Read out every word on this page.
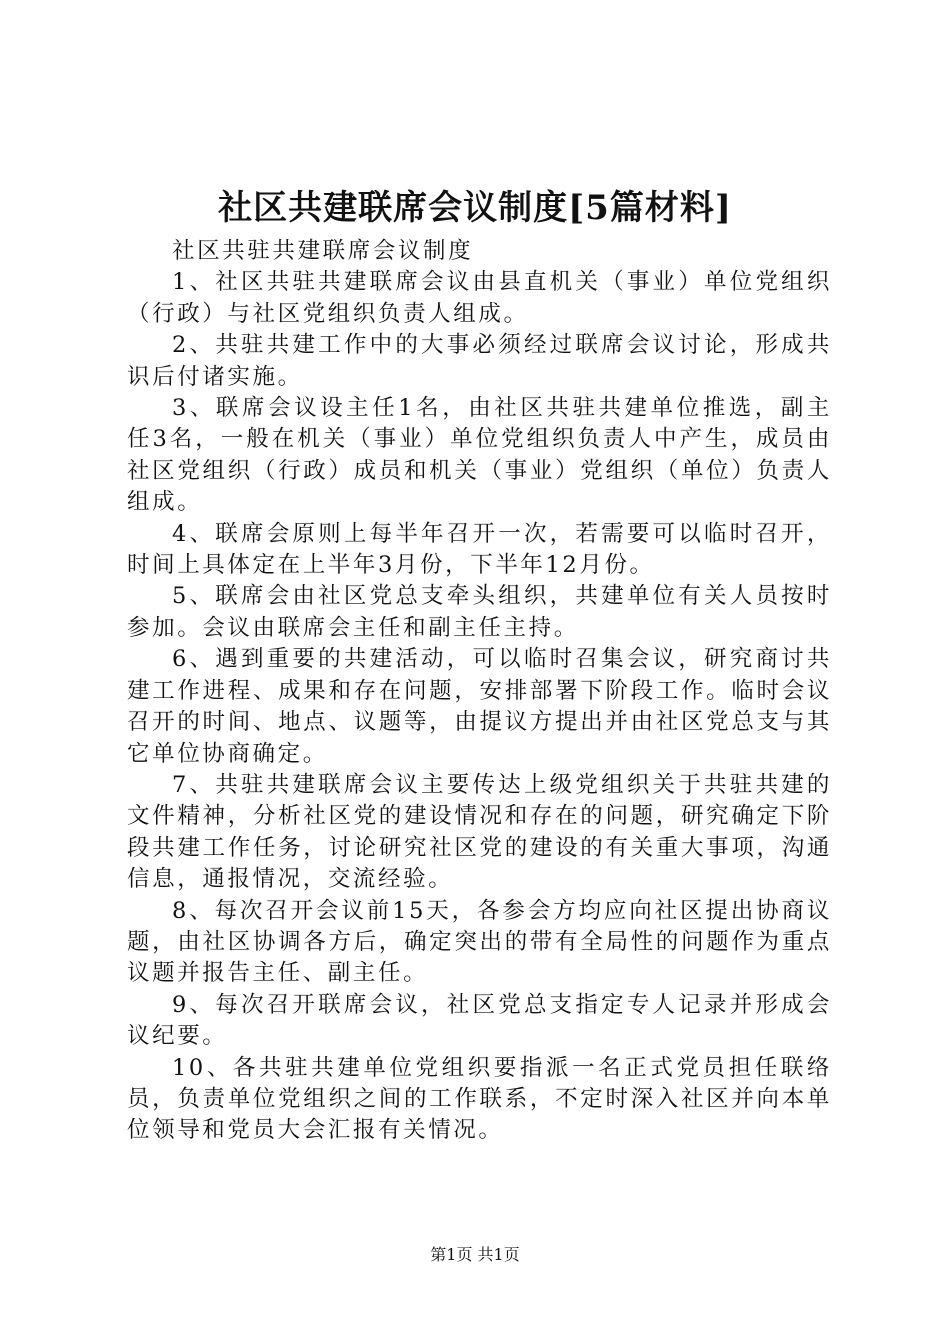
社区共建联席会议制度[5篇材料]

社区共驻共建联席会议制度

1、社区共驻共建联席会议由县直机关（事业）单位党组织（行政）与社区党组织负责人组成。

2、共驻共建工作中的大事必须经过联席会议讨论，形成共识后付诸实施。

3、联席会议设主任1名，由社区共驻共建单位推选，副主任3名，一般在机关（事业）单位党组织负责人中产生，成员由社区党组织（行政）成员和机关（事业）党组织（单位）负责人组成。

4、联席会原则上每半年召开一次，若需要可以临时召开，时间上具体定在上半年3月份，下半年12月份。

5、联席会由社区党总支牵头组织，共建单位有关人员按时参加。会议由联席会主任和副主任主持。

6、遇到重要的共建活动，可以临时召集会议，研究商讨共建工作进程、成果和存在问题，安排部署下阶段工作。临时会议召开的时间、地点、议题等，由提议方提出并由社区党总支与其它单位协商确定。

7、共驻共建联席会议主要传达上级党组织关于共驻共建的文件精神，分析社区党的建设情况和存在的问题，研究确定下阶段共建工作任务，讨论研究社区党的建设的有关重大事项，沟通信息，通报情况，交流经验。

8、每次召开会议前15天，各参会方均应向社区提出协商议题，由社区协调各方后，确定突出的带有全局性的问题作为重点议题并报告主任、副主任。

9、每次召开联席会议，社区党总支指定专人记录并形成会议纪要。

10、各共驻共建单位党组织要指派一名正式党员担任联络员，负责单位党组织之间的工作联系，不定时深入社区并向本单位领导和党员大会汇报有关情况。

第1页 共1页
